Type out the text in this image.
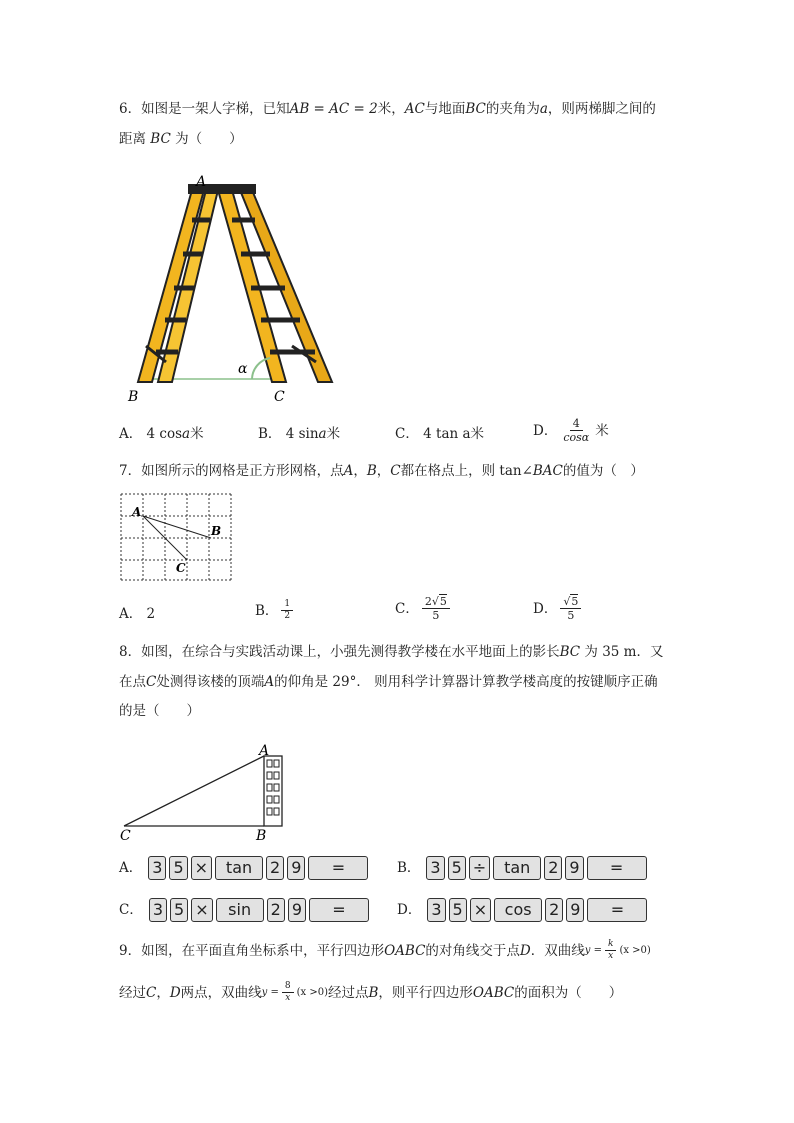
6．如图是一架人字梯，已知AB = AC = 2米，AC与地面BC的夹角为a，则两梯脚之间的
距离 BC 为（　　）
A
B	C
α
A．
4 cos a 米	B．
4 sin a 米	C．
4 tan a 米	D． $\frac{4}{\cos\alpha}$ 米
7．如图所示的网格是正方形网格，点A，B，C都在格点上，则 tan∠BAC的值为（　）
A
B
C
A．
2	B． $\frac{1}{2}$	C． $\frac{2√5}{5}$	D． $\frac{√5}{5}$
8．如图，在综合与实践活动课上，小强先测得教学楼在水平地面上的影长BC 为 35 m．又
在点C处测得该楼的顶端A的仰角是 29°． 则用科学计算器计算教学楼高度的按键顺序正确
的是（　　）
A
C	B
A． 3 5 ×	tan	2 9	=	B． 3 5 ÷	tan	2 9	=
C． 3 5 ×	sin	2 9	=	D． 3 5 ×	cos	2 9	=
9．如图，在平面直角坐标系中，平行四边形 OABC 的对角线交于点 D ．双曲线 $y = \frac{k}{x} (x >0)$
经过 C ， D 两点，双曲线 $y = \frac{8}{x} (x >0)$ 经过点 B ，则平行四边形 OABC 的面积为（　　）
